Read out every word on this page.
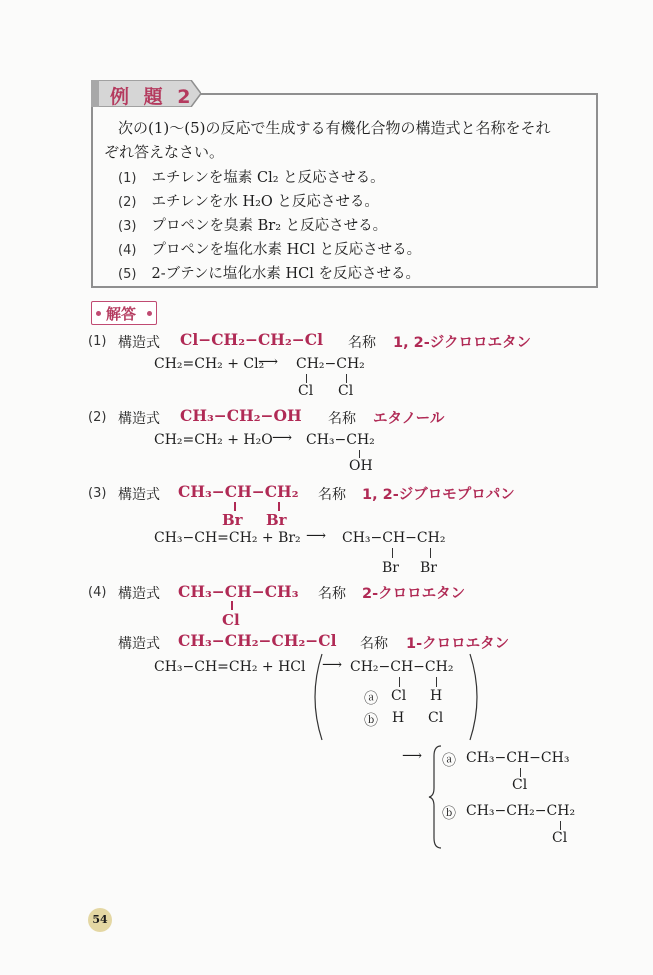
例 題 2
次の(1)〜(5)の反応で生成する有機化合物の構造式と名称をそれ
ぞれ答えなさい。
(1) エチレンを塩素 Cl₂ と反応させる。
(2) エチレンを水 H₂O と反応させる。
(3) プロペンを臭素 Br₂ と反応させる。
(4) プロペンを塩化水素 HCl と反応させる。
(5) 2-ブテンに塩化水素 HCl を反応させる。
解答
(1) 構造式 Cl−CH₂−CH₂−Cl 名称 1, 2-ジクロロエタン
CH₂=CH₂ + Cl₂
⟶ CH₂−CH₂
Cl Cl
(2) 構造式 CH₃−CH₂−OH 名称 エタノール
CH₂=CH₂ + H₂O ⟶ CH₃−CH₂
OH
(3) 構造式 CH₃−CH−CH₂
Br Br
名称 1, 2-ジブロモプロパン
CH₃−CH=CH₂ + Br₂ ⟶ CH₃−CH−CH₂
Br Br
(4) 構造式 CH₃−CH−CH₃
Cl
名称 2-クロロエタン
構造式 CH₃−CH₂−CH₂−Cl 名称 1-クロロエタン
CH₃−CH=CH₂ + HCl ⟶ CH₂−CH−CH₂
ⓐ Cl H
ⓑ H Cl
⟶ ⓐ CH₃−CH−CH₃
Cl
ⓑ CH₃−CH₂−CH₂
Cl
54
